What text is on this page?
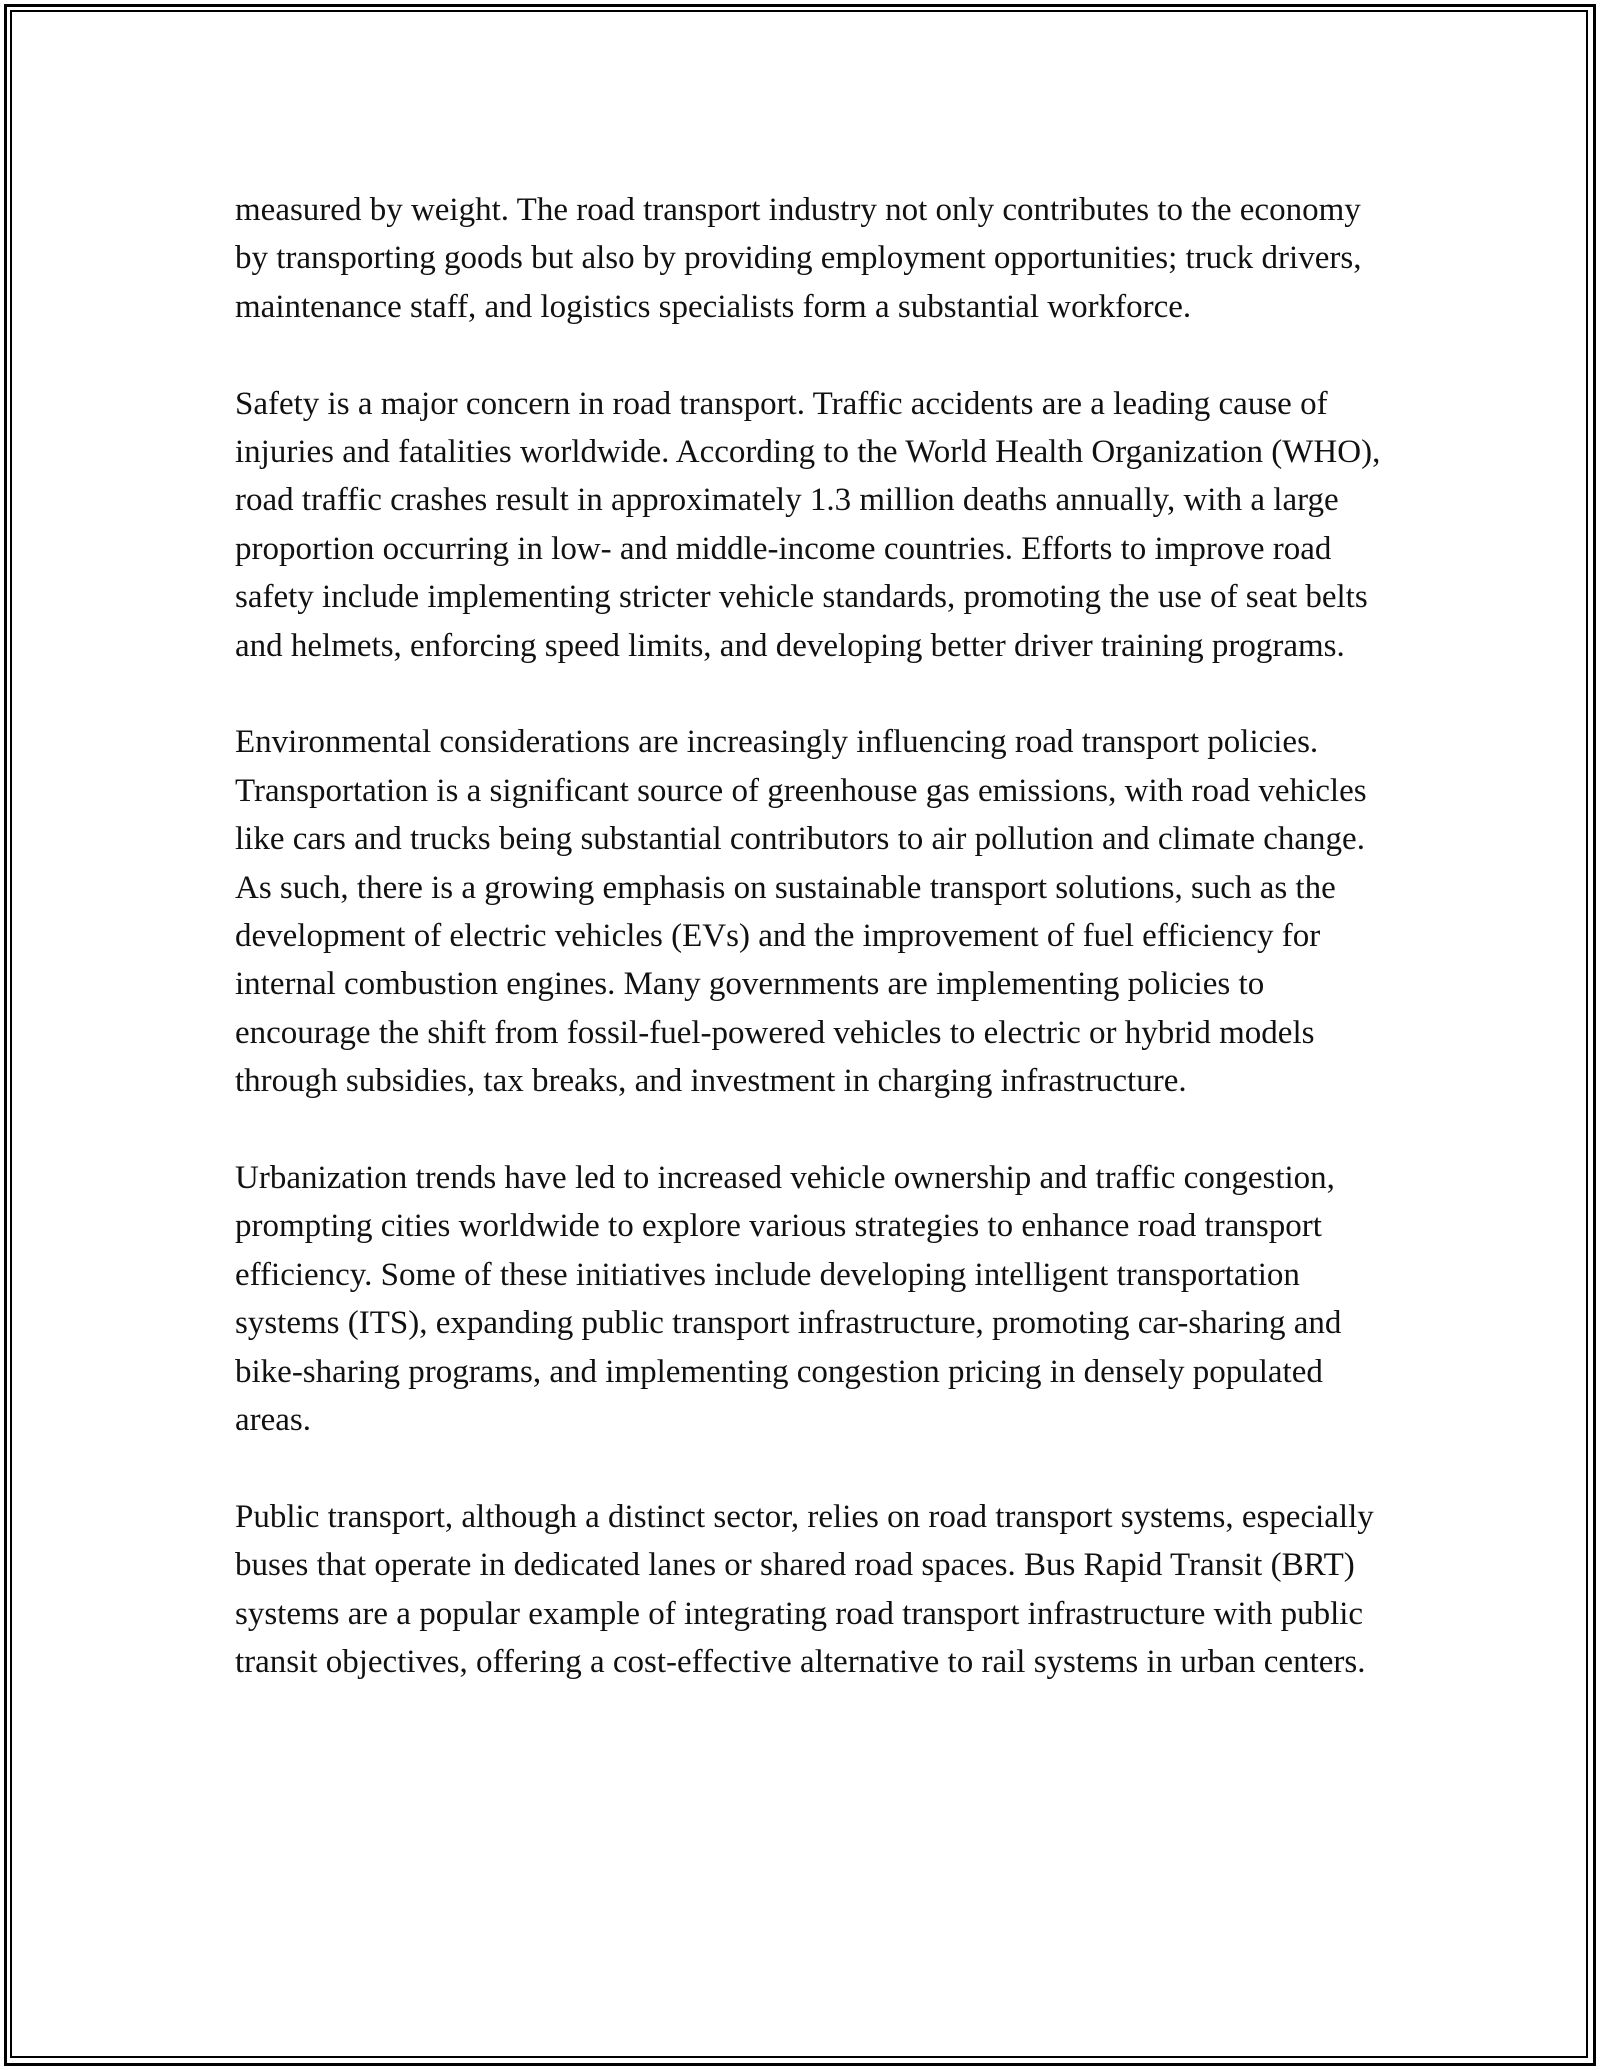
measured by weight. The road transport industry not only contributes to the economy by transporting goods but also by providing employment opportunities; truck drivers, maintenance staff, and logistics specialists form a substantial workforce.

Safety is a major concern in road transport. Traffic accidents are a leading cause of injuries and fatalities worldwide. According to the World Health Organization (WHO), road traffic crashes result in approximately 1.3 million deaths annually, with a large proportion occurring in low- and middle-income countries. Efforts to improve road safety include implementing stricter vehicle standards, promoting the use of seat belts and helmets, enforcing speed limits, and developing better driver training programs.

Environmental considerations are increasingly influencing road transport policies. Transportation is a significant source of greenhouse gas emissions, with road vehicles like cars and trucks being substantial contributors to air pollution and climate change. As such, there is a growing emphasis on sustainable transport solutions, such as the development of electric vehicles (EVs) and the improvement of fuel efficiency for internal combustion engines. Many governments are implementing policies to encourage the shift from fossil-fuel-powered vehicles to electric or hybrid models through subsidies, tax breaks, and investment in charging infrastructure.

Urbanization trends have led to increased vehicle ownership and traffic congestion, prompting cities worldwide to explore various strategies to enhance road transport efficiency. Some of these initiatives include developing intelligent transportation systems (ITS), expanding public transport infrastructure, promoting car-sharing and bike-sharing programs, and implementing congestion pricing in densely populated areas.

Public transport, although a distinct sector, relies on road transport systems, especially buses that operate in dedicated lanes or shared road spaces. Bus Rapid Transit (BRT) systems are a popular example of integrating road transport infrastructure with public transit objectives, offering a cost-effective alternative to rail systems in urban centers.
